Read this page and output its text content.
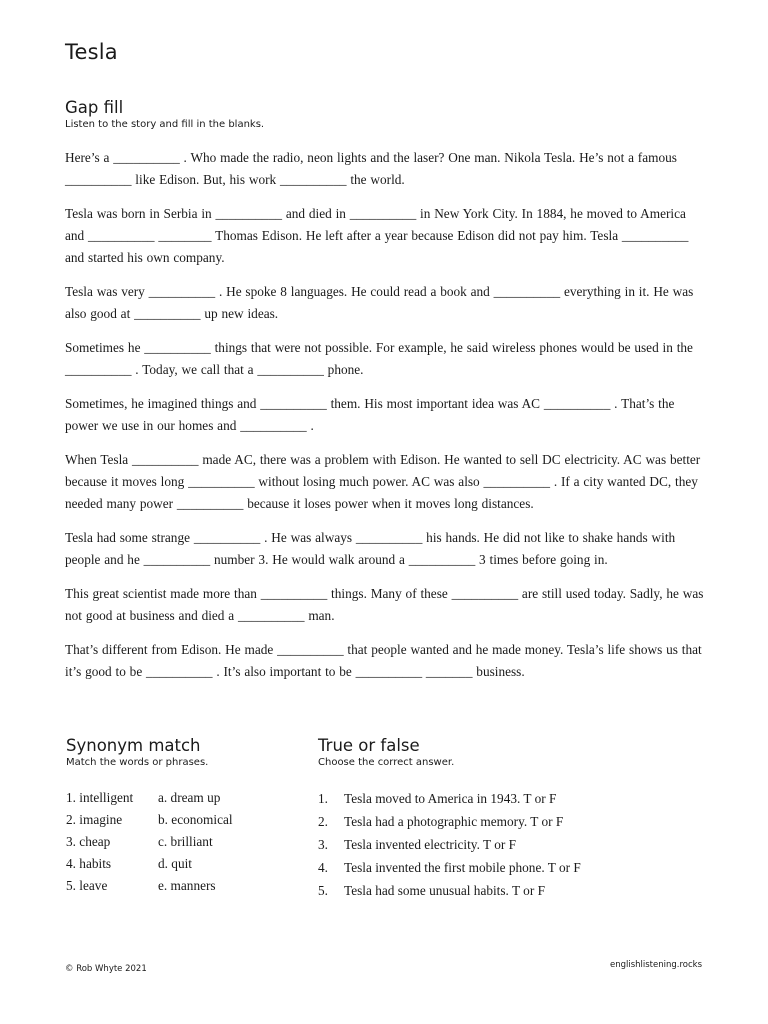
Tesla
Gap fill

Listen to the story and fill in the blanks.

Here’s a __________ . Who made the radio, neon lights and the laser? One man. Nikola Tesla. He’s not a famous __________ like Edison. But, his work __________ the world.

Tesla was born in Serbia in __________ and died in __________ in New York City. In 1884, he moved to America and __________ ________ Thomas Edison. He left after a year because Edison did not pay him. Tesla __________ and started his own company.

Tesla was very __________ . He spoke 8 languages. He could read a book and __________ everything in it. He was also good at __________ up new ideas.

Sometimes he __________ things that were not possible. For example, he said wireless phones would be used in the __________ . Today, we call that a __________ phone.

Sometimes, he imagined things and __________ them. His most important idea was AC __________ . That’s the power we use in our homes and __________ .

When Tesla __________ made AC, there was a problem with Edison. He wanted to sell DC electricity. AC was better because it moves long __________ without losing much power. AC was also __________ . If a city wanted DC, they needed many power __________ because it loses power when it moves long distances.

Tesla had some strange __________ . He was always __________ his hands. He did not like to shake hands with people and he __________ number 3. He would walk around a __________ 3 times before going in.

This great scientist made more than __________ things. Many of these __________ are still used today. Sadly, he was not good at business and died a __________ man.

That’s different from Edison. He made __________ that people wanted and he made money. Tesla’s life shows us that it’s good to be __________ . It’s also important to be __________ _______ business.

Synonym match

Match the words or phrases.

1. intelligent	a. dream up
2. imagine	b. economical
3. cheap	c. brilliant
4. habits	d. quit
5. leave	e. manners
True or false

Choose the correct answer.

1.	Tesla moved to America in 1943. T or F
2.	Tesla had a photographic memory. T or F
3.	Tesla invented electricity. T or F
4.	Tesla invented the first mobile phone. T or F
5.	Tesla had some unusual habits. T or F
© Rob Whyte 2021	englishlistening.rocks
